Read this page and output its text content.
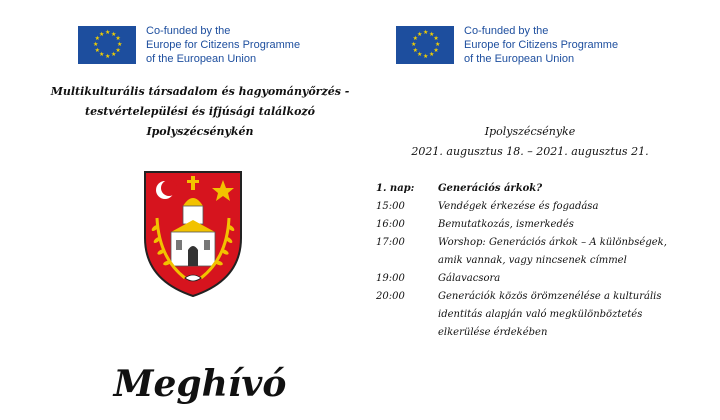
★
★
★
★
★
★
★
★
★ ★ ★
★
Co-funded by the
Europe for Citizens Programme
of the European Union
★
★
★
★
★
★
★
★
★ ★ ★
★
Co-funded by the
Europe for Citizens Programme
of the European Union
Multikulturális társadalom és hagyományőrzés -
testvértelepülési és ifjúsági találkozó
Ipolyszécsénykén
Meghívó
Ipolyszécsényke
2021. augusztus 18. – 2021. augusztus 21.
1. nap:	Generációs árkok?
15:00	Vendégek érkezése és fogadása
16:00	Bemutatkozás, ismerkedés
17:00	Worshop: Generációs árkok – A különbségek,
amik vannak, vagy nincsenek címmel
19:00	Gálavacsora
20:00	Generációk közös örömzenélése a kulturális
identitás alapján való megkülönböztetés
elkerülése érdekében
